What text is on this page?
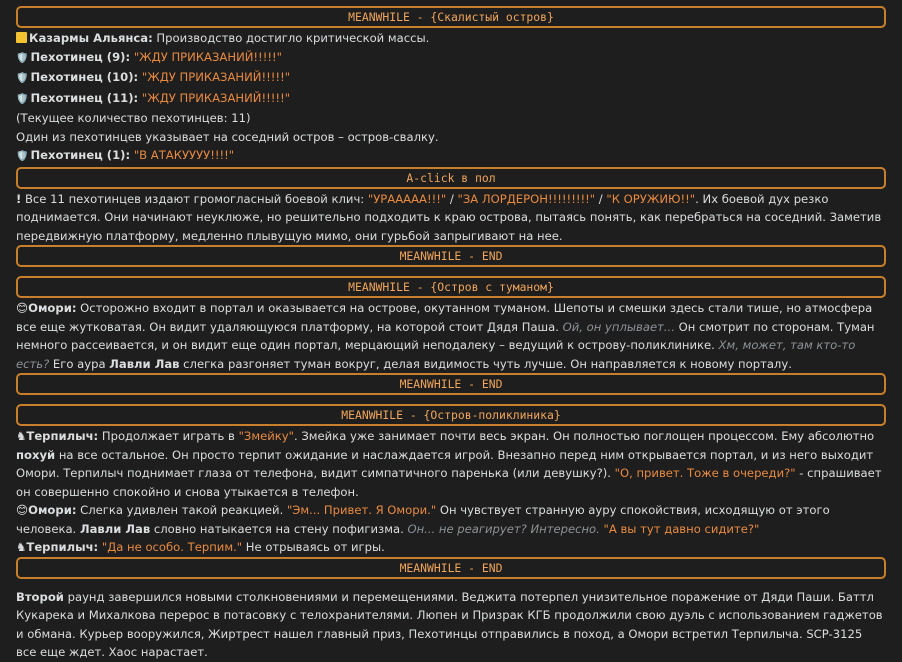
MEANWHILE - {Скалистый остров}

Казармы Альянса: Производство достигло критической массы.

🛡️ Пехотинец (9): "ЖДУ ПРИКАЗАНИЙ!!!!!"

🛡️ Пехотинец (10): "ЖДУ ПРИКАЗАНИЙ!!!!!"

🛡️ Пехотинец (11): "ЖДУ ПРИКАЗАНИЙ!!!!!"

(Текущее количество пехотинцев: 11)

Один из пехотинцев указывает на соседний остров – остров-свалку.

🛡️ Пехотинец (1): "В АТАКУУУУ!!!!"

A-click в пол

! Все 11 пехотинцев издают громогласный боевой клич: "УРААААА!!!" / "ЗА ЛОРДЕРОН!!!!!!!!!" / "К ОРУЖИЮ!!". Их боевой дух резко поднимается. Они начинают неуклюже, но решительно подходить к краю острова, пытаясь понять, как перебраться на соседний. Заметив передвижную платформу, медленно плывущую мимо, они гурьбой запрыгивают на нее.

MEANWHILE - END
MEANWHILE - {Остров с туманом}

😊Омори: Осторожно входит в портал и оказывается на острове, окутанном туманом. Шепоты и смешки здесь стали тише, но атмосфера все еще жутковатая. Он видит удаляющуюся платформу, на которой стоит Дядя Паша. Ой, он уплывает... Он смотрит по сторонам. Туман немного рассеивается, и он видит еще один портал, мерцающий неподалеку – ведущий к острову-поликлинике. Хм, может, там кто-то есть? Его аура Лавли Лав слегка разгоняет туман вокруг, делая видимость чуть лучше. Он направляется к новому порталу.

MEANWHILE - END
MEANWHILE - {Остров-поликлиника}

♞Терпилыч: Продолжает играть в "Змейку". Змейка уже занимает почти весь экран. Он полностью поглощен процессом. Ему абсолютно похуй на все остальное. Он просто терпит ожидание и наслаждается игрой. Внезапно перед ним открывается портал, и из него выходит Омори. Терпилыч поднимает глаза от телефона, видит симпатичного паренька (или девушку?). "О, привет. Тоже в очереди?" - спрашивает он совершенно спокойно и снова утыкается в телефон.

😊Омори: Слегка удивлен такой реакцией. "Эм... Привет. Я Омори." Он чувствует странную ауру спокойствия, исходящую от этого человека. Лавли Лав словно натыкается на стену пофигизма. Он... не реагирует? Интересно. "А вы тут давно сидите?"

♞Терпилыч: "Да не особо. Терпим." Не отрываясь от игры.

MEANWHILE - END

Второй раунд завершился новыми столкновениями и перемещениями. Веджита потерпел унизительное поражение от Дяди Паши. Баттл Кукарека и Михалкова перерос в потасовку с телохранителями. Люпен и Призрак КГБ продолжили свою дуэль с использованием гаджетов и обмана. Курьер вооружился, Жиртрест нашел главный приз, Пехотинцы отправились в поход, а Омори встретил Терпилыча. SCP-3125 все еще ждет. Хаос нарастает.
